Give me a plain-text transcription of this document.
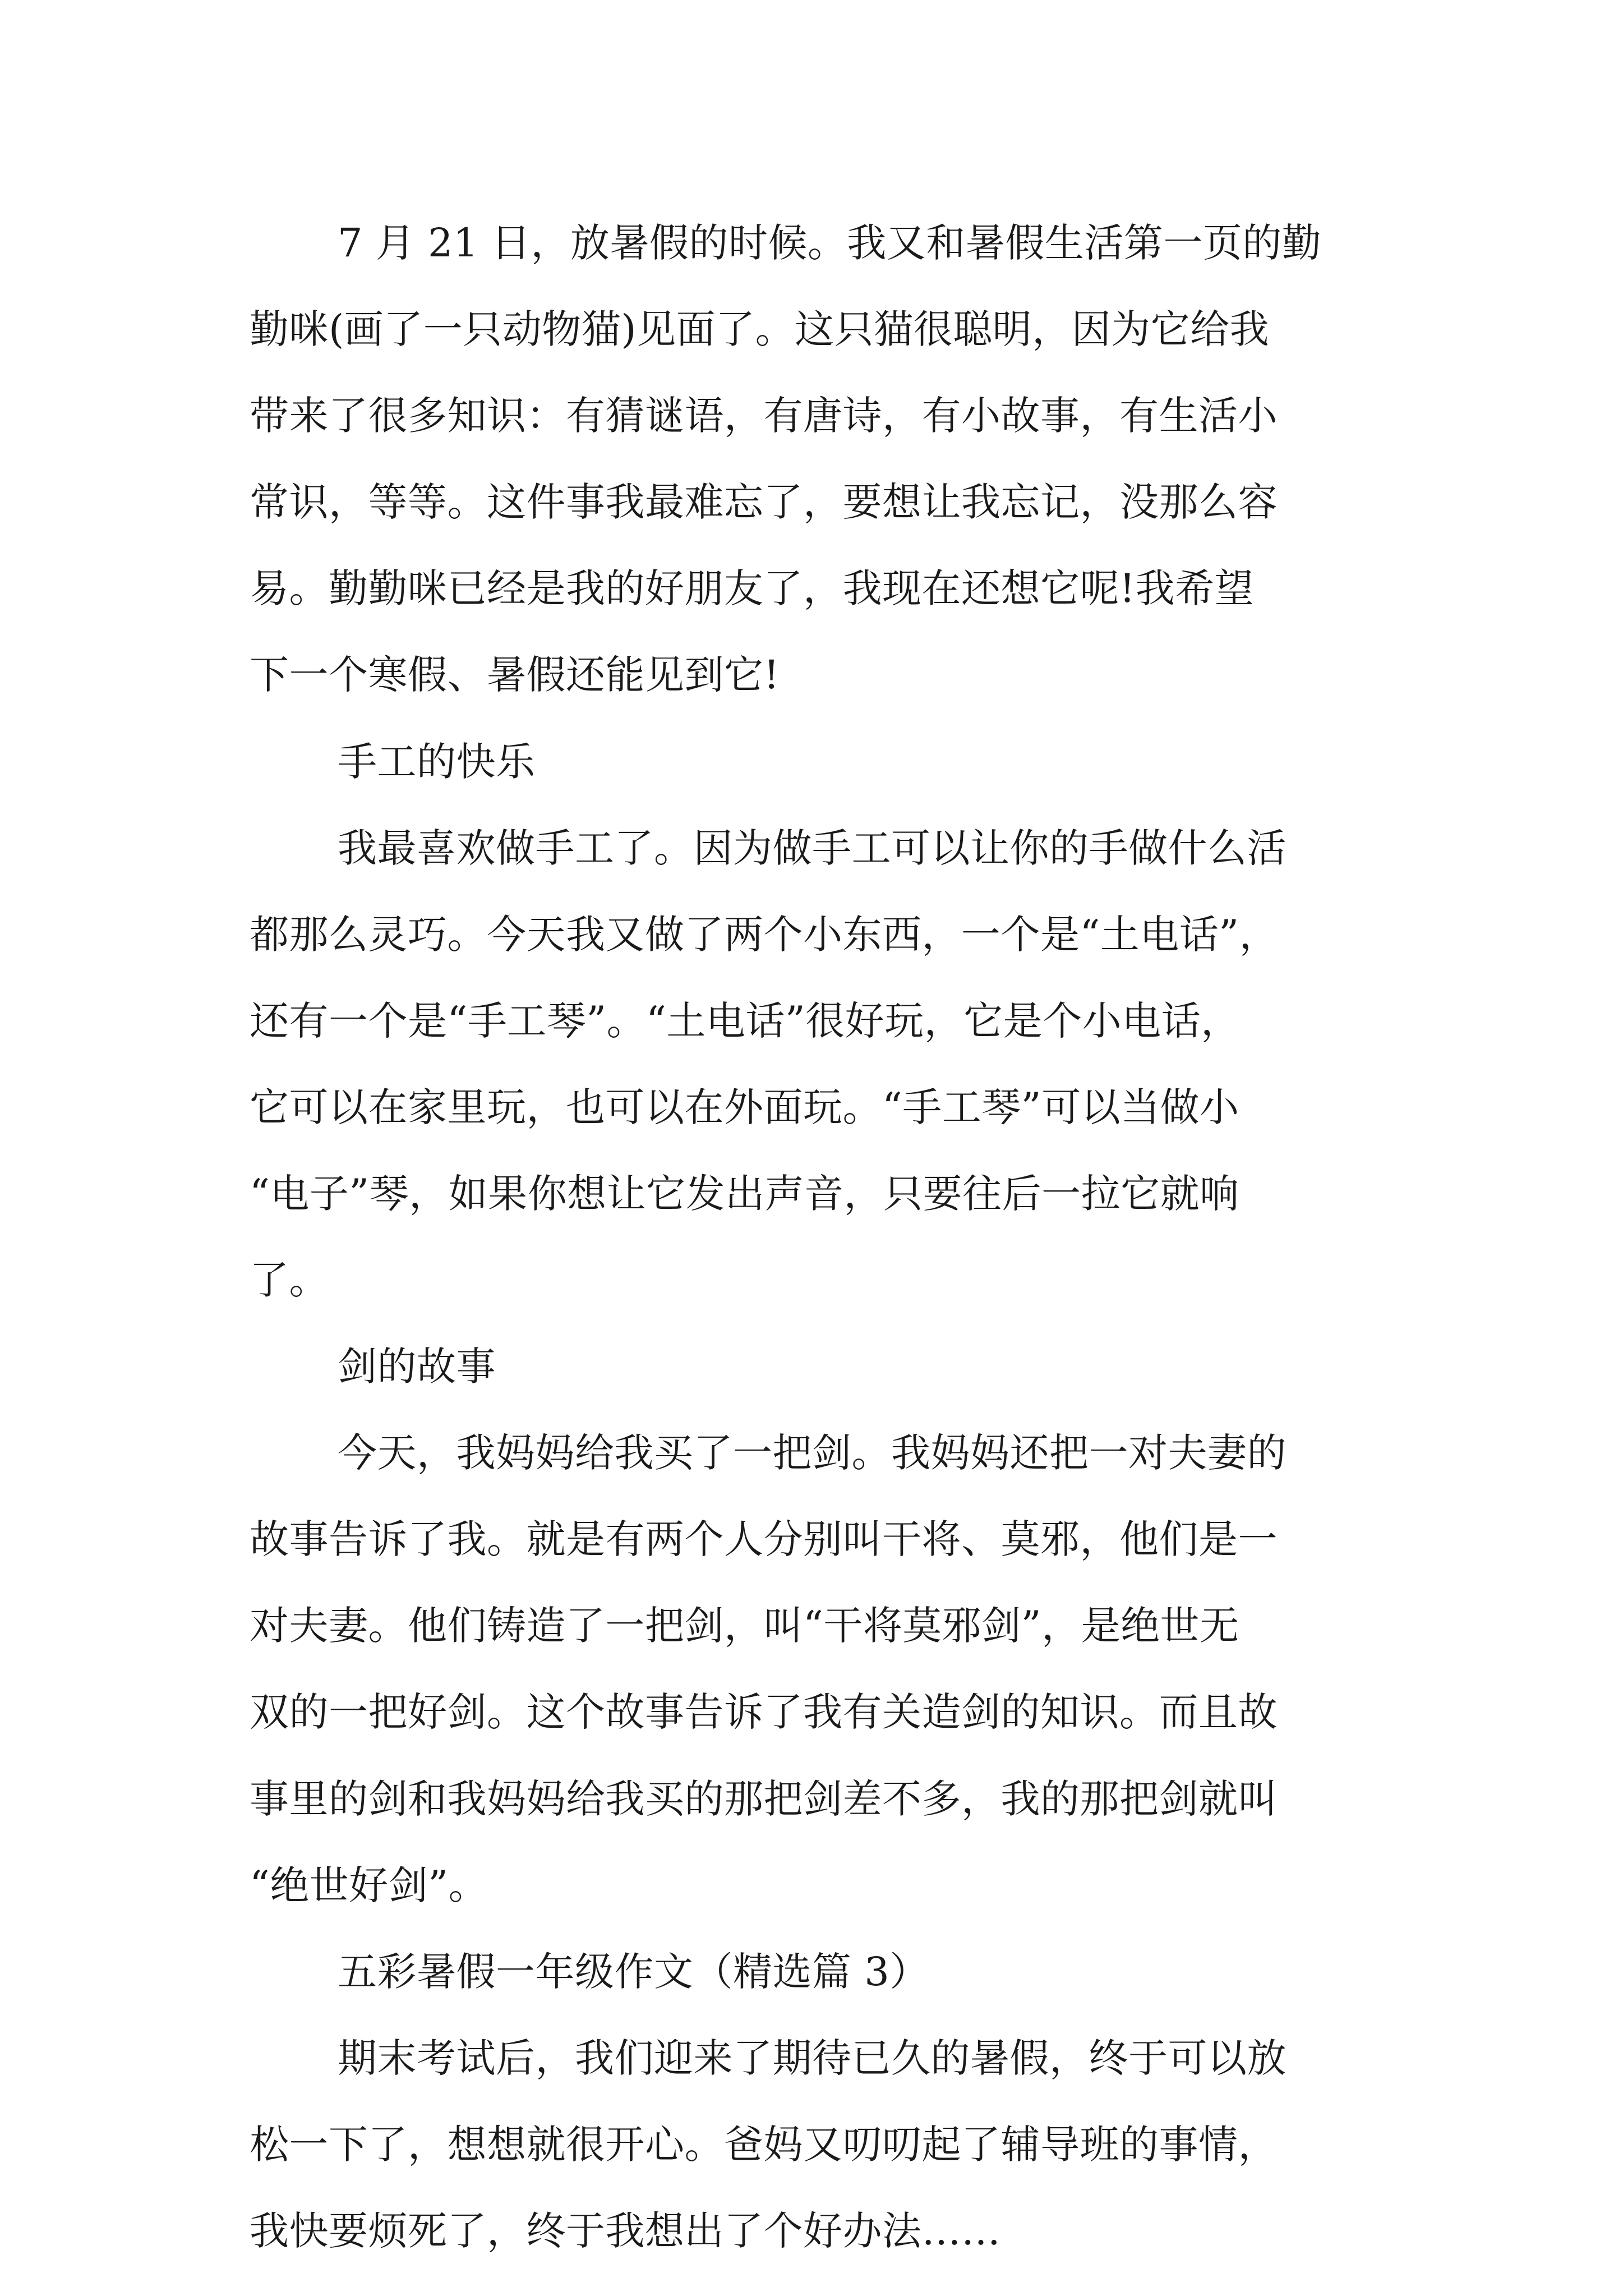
7 月 21 日，放暑假的时候。我又和暑假生活第一页的勤
勤咪(画了一只动物猫)见面了。这只猫很聪明，因为它给我
带来了很多知识：有猜谜语，有唐诗，有小故事，有生活小
常识，等等。这件事我最难忘了，要想让我忘记，没那么容
易。勤勤咪已经是我的好朋友了，我现在还想它呢!我希望
下一个寒假、暑假还能见到它!
手工的快乐
我最喜欢做手工了。因为做手工可以让你的手做什么活
都那么灵巧。今天我又做了两个小东西，一个是“土电话”，
还有一个是“手工琴”。“土电话”很好玩，它是个小电话，
它可以在家里玩，也可以在外面玩。“手工琴”可以当做小
“电子”琴，如果你想让它发出声音，只要往后一拉它就响
了。
剑的故事
今天，我妈妈给我买了一把剑。我妈妈还把一对夫妻的
故事告诉了我。就是有两个人分别叫干将、莫邪，他们是一
对夫妻。他们铸造了一把剑，叫“干将莫邪剑”，是绝世无
双的一把好剑。这个故事告诉了我有关造剑的知识。而且故
事里的剑和我妈妈给我买的那把剑差不多，我的那把剑就叫
“绝世好剑”。
五彩暑假一年级作文（精选篇 3）
期末考试后，我们迎来了期待已久的暑假，终于可以放
松一下了，想想就很开心。爸妈又叨叨起了辅导班的事情，
我快要烦死了，终于我想出了个好办法……
